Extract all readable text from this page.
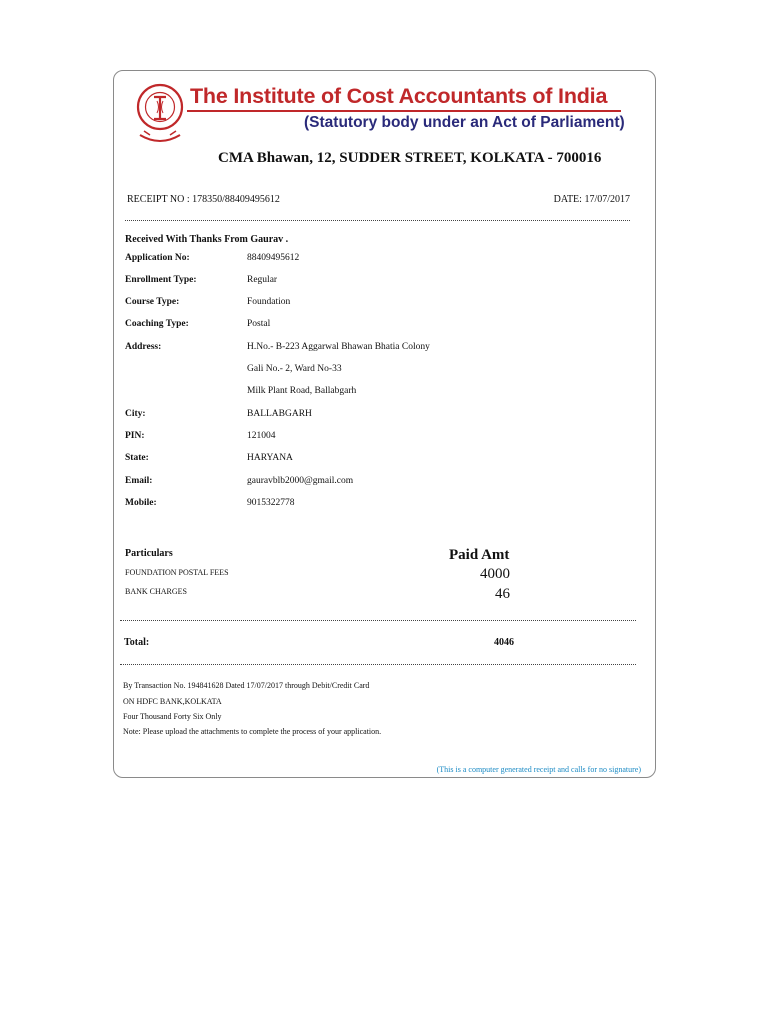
The Institute of Cost Accountants of India
(Statutory body under an Act of Parliament)
CMA Bhawan, 12, SUDDER STREET, KOLKATA - 700016
RECEIPT NO : 178350/88409495612	DATE: 17/07/2017
Received With Thanks From Gaurav .
Application No:	88409495612
Enrollment Type:	Regular
Course Type:	Foundation
Coaching Type:	Postal
Address:	H.No.- B-223 Aggarwal Bhawan Bhatia Colony
Gali No.- 2, Ward No-33
Milk Plant Road, Ballabgarh
City:	BALLABGARH
PIN:	121004
State:	HARYANA
Email:	gauravblb2000@gmail.com
Mobile:	9015322778
Particulars	Paid Amt
FOUNDATION POSTAL FEES	4000
BANK CHARGES	46
Total:	4046
By Transaction No. 194841628 Dated 17/07/2017 through Debit/Credit Card
ON HDFC BANK,KOLKATA
Four Thousand Forty Six Only
Note: Please upload the attachments to complete the process of your application.
(This is a computer generated receipt and calls for no signature)
